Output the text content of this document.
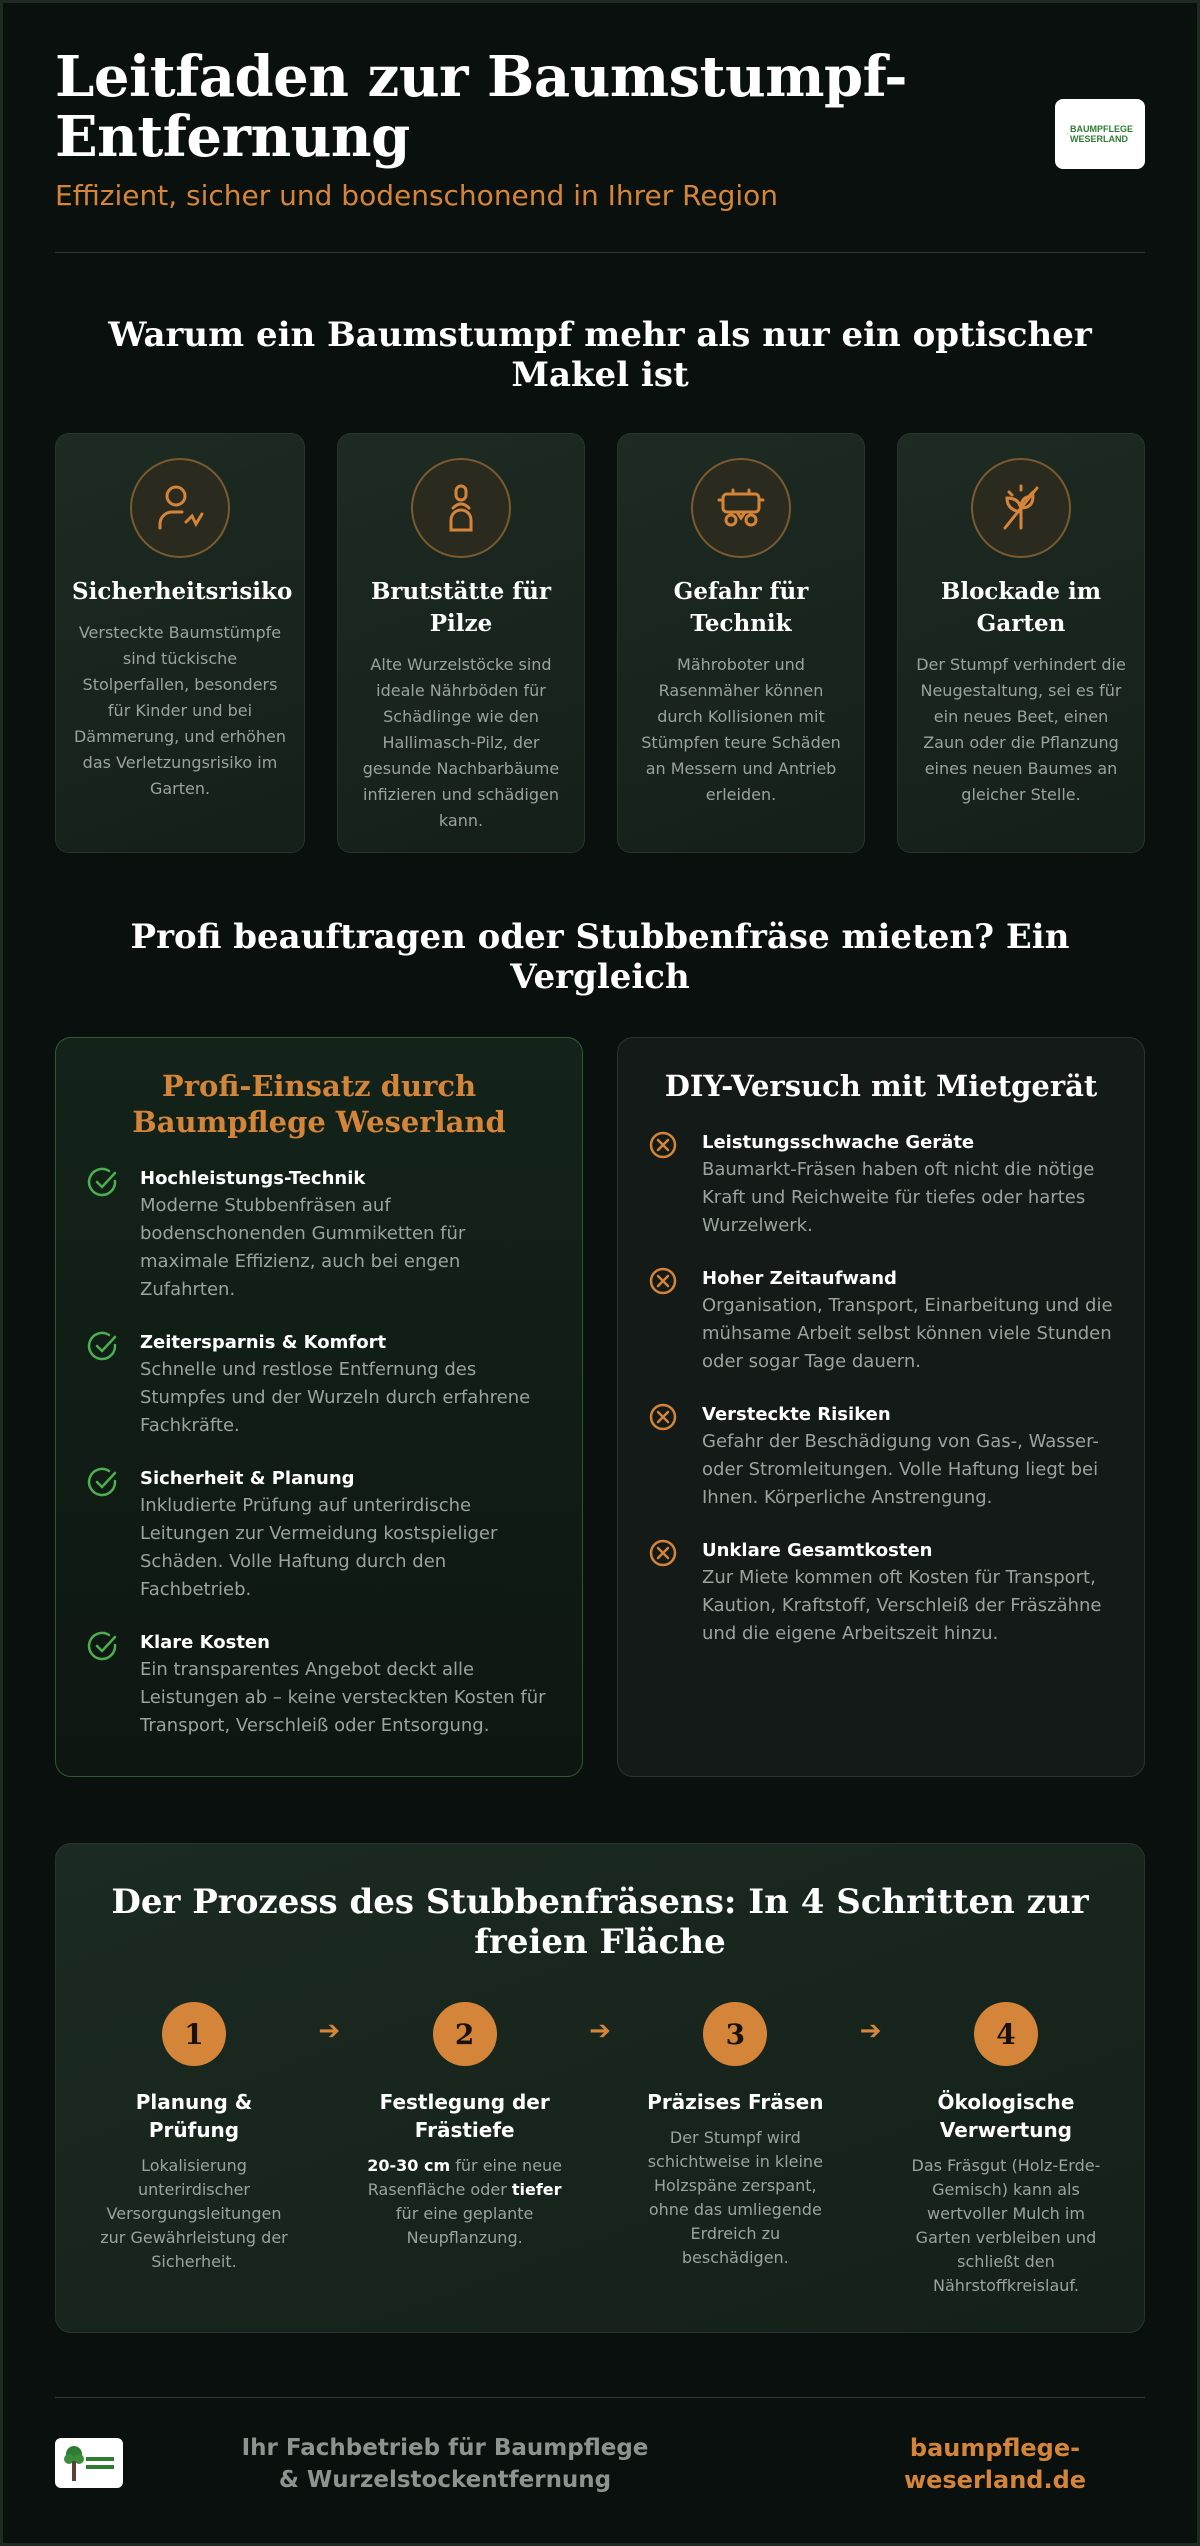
Leitfaden zur Baumstumpf-Entfernung
Effizient, sicher und bodenschonend in Ihrer Region
BAUMPFLEGE
WESERLAND
Warum ein Baumstumpf mehr als nur ein optischer Makel ist
Sicherheitsrisiko
Versteckte Baumstümpfe sind tückische Stolperfallen, besonders für Kinder und bei Dämmerung, und erhöhen das Verletzungsrisiko im Garten.
Brutstätte für Pilze
Alte Wurzelstöcke sind ideale Nährböden für Schädlinge wie den Hallimasch-Pilz, der gesunde Nachbarbäume infizieren und schädigen kann.
Gefahr für Technik
Mähroboter und Rasenmäher können durch Kollisionen mit Stümpfen teure Schäden an Messern und Antrieb erleiden.
Blockade im Garten
Der Stumpf verhindert die Neugestaltung, sei es für ein neues Beet, einen Zaun oder die Pflanzung eines neuen Baumes an gleicher Stelle.
Profi beauftragen oder Stubbenfräse mieten? Ein Vergleich
Profi-Einsatz durch Baumpflege Weserland
Hochleistungs-Technik
Moderne Stubbenfräsen auf bodenschonenden Gummiketten für maximale Effizienz, auch bei engen Zufahrten.
Zeitersparnis & Komfort
Schnelle und restlose Entfernung des Stumpfes und der Wurzeln durch erfahrene Fachkräfte.
Sicherheit & Planung
Inkludierte Prüfung auf unterirdische Leitungen zur Vermeidung kostspieliger Schäden. Volle Haftung durch den Fachbetrieb.
Klare Kosten
Ein transparentes Angebot deckt alle Leistungen ab – keine versteckten Kosten für Transport, Verschleiß oder Entsorgung.
DIY-Versuch mit Mietgerät
Leistungsschwache Geräte
Baumarkt-Fräsen haben oft nicht die nötige Kraft und Reichweite für tiefes oder hartes Wurzelwerk.
Hoher Zeitaufwand
Organisation, Transport, Einarbeitung und die mühsame Arbeit selbst können viele Stunden oder sogar Tage dauern.
Versteckte Risiken
Gefahr der Beschädigung von Gas-, Wasser- oder Stromleitungen. Volle Haftung liegt bei Ihnen. Körperliche Anstrengung.
Unklare Gesamtkosten
Zur Miete kommen oft Kosten für Transport, Kaution, Kraftstoff, Verschleiß der Fräszähne und die eigene Arbeitszeit hinzu.
Der Prozess des Stubbenfräsens: In 4 Schritten zur freien Fläche
1
Planung & Prüfung
Lokalisierung unterirdischer Versorgungsleitungen zur Gewährleistung der Sicherheit.
➔	2
Festlegung der Frästiefe
20-30 cm für eine neue Rasenfläche oder tiefer für eine geplante Neupflanzung.
➔	3
Präzises Fräsen
Der Stumpf wird schichtweise in kleine Holzspäne zerspant, ohne das umliegende Erdreich zu beschädigen.
➔	4
Ökologische Verwertung
Das Fräsgut (Holz-Erde-Gemisch) kann als wertvoller Mulch im Garten verbleiben und schließt den Nährstoffkreislauf.
Ihr Fachbetrieb für Baumpflege & Wurzelstockentfernung
baumpflege-weserland.de
